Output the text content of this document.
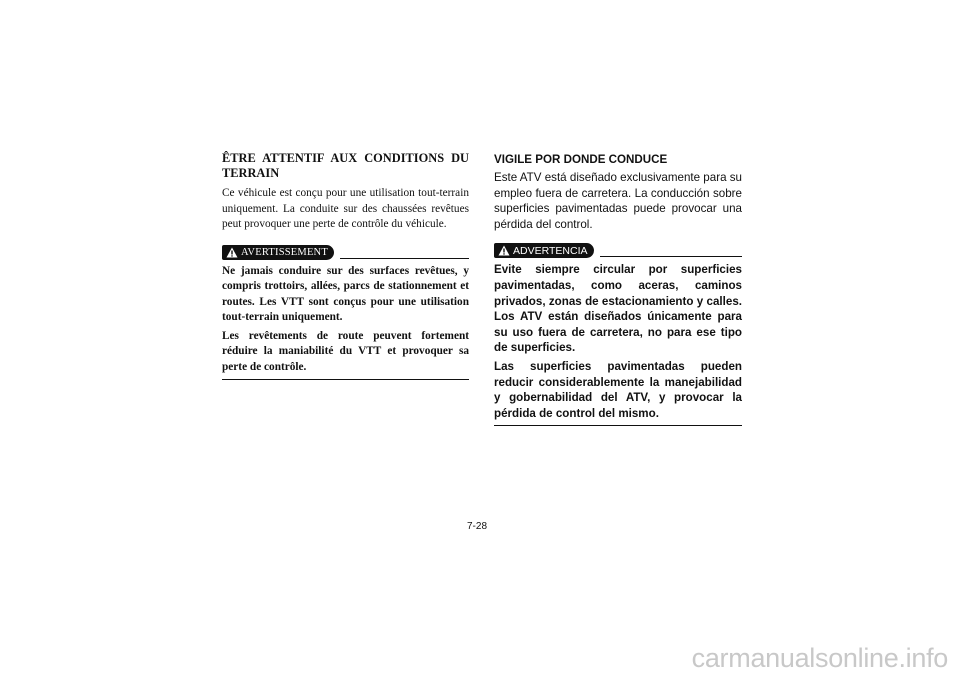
ÊTRE ATTENTIF AUX CONDITIONS DU TERRAIN

Ce véhicule est conçu pour une utilisation tout-terrain uniquement. La conduite sur des chaussées revêtues peut provoquer une perte de contrôle du véhicule.

AVERTISSEMENT

Ne jamais conduire sur des surfaces revêtues, y compris trottoirs, allées, parcs de stationnement et routes. Les VTT sont conçus pour une utilisation tout-terrain uniquement.

Les revêtements de route peuvent fortement réduire la maniabilité du VTT et provoquer sa perte de contrôle.

VIGILE POR DONDE CONDUCE

Este ATV está diseñado exclusivamente para su empleo fuera de carretera. La conducción sobre superficies pavimentadas puede provocar una pérdida del control.

ADVERTENCIA

Evite siempre circular por superficies pavimentadas, como aceras, caminos privados, zonas de estacionamiento y calles. Los ATV están diseñados únicamente para su uso fuera de carretera, no para ese tipo de superficies.

Las superficies pavimentadas pueden reducir considerablemente la manejabilidad y gobernabilidad del ATV, y provocar la pérdida de control del mismo.

7-28
carmanualsonline.info
